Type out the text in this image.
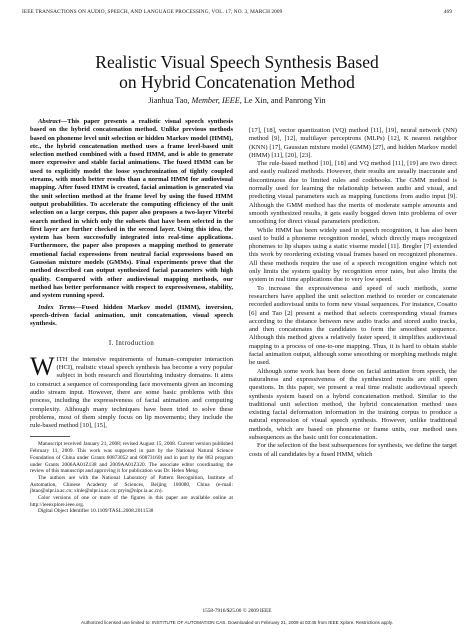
IEEE TRANSACTIONS ON AUDIO, SPEECH, AND LANGUAGE PROCESSING, VOL. 17, NO. 3, MARCH 2009	469
Realistic Visual Speech Synthesis Based
on Hybrid Concatenation Method
Jianhua Tao, Member, IEEE, Le Xin, and Panrong Yin

Abstract—This paper presents a realistic visual speech synthesis based on the hybrid concatenation method. Unlike previous methods based on phoneme level unit selection or hidden Markov model (HMM), etc., the hybrid concatenation method uses a frame level-based unit selection method combined with a fused HMM, and is able to generate more expressive and stable facial animations. The fused HMM can be used to explicitly model the loose synchronization of tightly coupled streams, with much better results than a normal HMM for audiovisual mapping. After fused HMM is created, facial animation is generated via the unit selection method at the frame level by using the fused HMM output probabilities. To accelerate the computing efficiency of the unit selection on a large corpus, this paper also proposes a two-layer Viterbi search method in which only the subsets that have been selected in the first layer are further checked in the second layer. Using this idea, the system has been successfully integrated into real-time applications. Furthermore, the paper also proposes a mapping method to generate emotional facial expressions from neutral facial expressions based on Gaussian mixture models (GMMs). Final experiments prove that the method described can output synthesized facial parameters with high quality. Compared with other audiovisual mapping methods, our method has better performance with respect to expressiveness, stability, and system running speed.

Index Terms—Fused hidden Markov model (HMM), inversion, speech-driven facial animation, unit concatenation, visual speech synthesis.

I. Introduction

WITH the intensive requirements of human–computer interaction (HCI), realistic visual speech synthesis has become a very popular subject in both research and flourishing industry domains. It aims to construct a sequence of corresponding face movements given an incoming audio stream input. However, there are some basic problems with this process, including the expressiveness of facial animation and computing complexity. Although many techniques have been tried to solve these problems, most of them simply focus on lip movements; they include the rule-based method [10], [15],

Manuscript received January 21, 2008; revised August 15, 2008. Current version published February 11, 2009. This work was supported in part by the National Natural Science Foundation of China under Grants 60873052 and 60873160) and in part by the 863 program under Grants 2006AA01Z138 and 2009AA01Z320. The associate editor coordinating the review of this manuscript and approving it for publication was Dr. Helen Meng.

The authors are with the National Laboratory of Pattern Recognition, Institute of Automation, Chinese Academy of Sciences, Beijing 100080, China (e-mail: jhtao@nlpr.ia.ac.cn; xinle@nlpr.ia.ac.cn; pryin@nlpr.ia.ac.cn).

Color versions of one or more of the figures in this paper are available online at http://ieeexplore.ieee.org.

Digital Object Identifier 10.1109/TASL.2008.2011538

[17], [18], vector quantization (VQ) method [11], [19], neural network (NN) method [9], [12], multilayer perceptrons (MLPs) [12], K nearest neighbor (KNN) [17], Gaussian mixture model (GMM) [27], and hidden Markov model (HMM) [11], [20], [23].

The rule-based method [10], [18] and VQ method [11], [19] are two direct and easily realized methods. However, their results are usually inaccurate and discontinuous due to limited rules and codebooks. The GMM method is normally used for learning the relationship between audio and visual, and predicting visual parameters such as mapping functions from audio input [9]. Although the GMM method has the merits of moderate sample amounts and smooth synthesized results, it gets easily bogged down into problems of over smoothing for direct visual parameters prediction.

While HMM has been widely used in speech recognition, it has also been used to build a phoneme recognition model, which directly maps recognized phonemes to lip shapes using a static viseme model [11]. Bregler [7] extended this work by reordering existing visual frames based on recognized phonemes. All these methods require the use of a speech recognition engine which not only limits the system quality by recognition error rates, but also limits the system in real time applications due to very low speed.

To increase the expressiveness and speed of such methods, some researchers have applied the unit selection method to reorder or concatenate recorded audiovisual units to form new visual sequences. For instance, Cosatto [6] and Tao [2] present a method that selects corresponding visual frames according to the distance between new audio tracks and stored audio tracks, and then concatenates the candidates to form the smoothest sequence. Although this method gives a relatively faster speed, it simplifies audiovisual mapping to a process of one-to-one mapping. Thus, it is hard to obtain stable facial animation output, although some smoothing or morphing methods might be used.

Although some work has been done on facial animation from speech, the naturalness and expressiveness of the synthesized results are still open questions. In this paper, we present a real time realistic audiovisual speech synthesis system based on a hybrid concatenation method. Similar to the traditional unit selection method, the hybrid concatenation method uses existing facial deformation information in the training corpus to produce a natural expression of visual speech synthesis. However, unlike traditional methods, which are based on phoneme or frame units, our method uses subsequences as the basic unit for concatenation.

For the selection of the best subsequences for synthesis, we define the target costs of all candidates by a fused HMM, which

1558-7916/$25.00 © 2009 IEEE
Authorized licensed use limited to: INSTITUTE OF AUTOMATION CAS. Downloaded on February 21, 2009 at 03:45 from IEEE Xplore. Restrictions apply.
